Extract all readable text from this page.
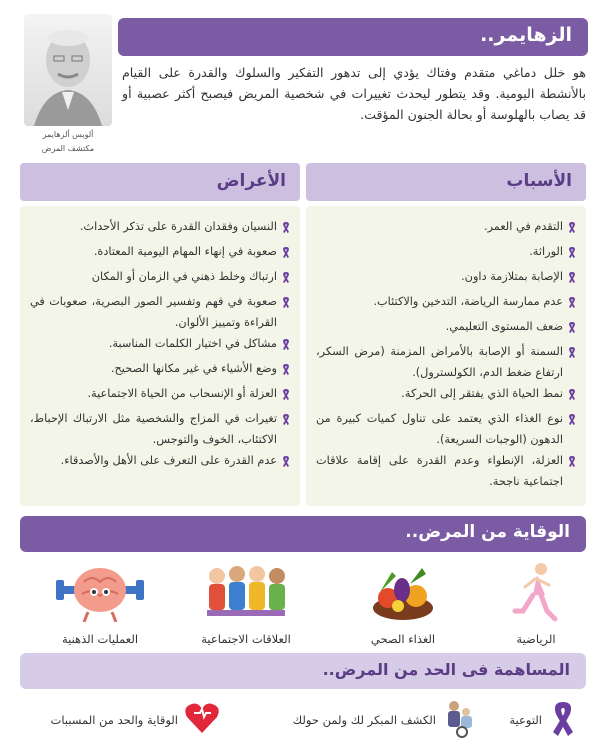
ألويس ألزهايمر
مكتشف المرض
الزهايمر..

هو خلل دماغي متقدم وفتاك يؤدي إلى تدهور التفكير والسلوك والقدرة على القيام بالأنشطة اليومية. وقد يتطور ليحدث تغييرات في شخصية المريض فيصبح أكثر عصبية أو قد يصاب بالهلوسة أو بحالة الجنون المؤقت.

الأسباب
الأعراض
التقدم في العمر.
الوراثة.
الإصابة بمتلازمة داون.
عدم ممارسة الرياضة، التدخين والاكتئاب.
ضعف المستوى التعليمي.
السمنة أو الإصابة بالأمراض المزمنة (مرض السكر، ارتفاع ضغط الدم، الكولسترول).
نمط الحياة الذي يفتقر إلى الحركة.
نوع الغذاء الذي يعتمد على تناول كميات كبيرة من الدهون (الوجبات السريعة).
العزلة، الإنطواء وعدم القدرة على إقامة علاقات اجتماعية ناجحة.
النسيان وفقدان القدرة على تذكر الأحداث.
صعوبة في إنهاء المهام اليومية المعتادة.
ارتباك وخلط ذهني في الزمان أو المكان
صعوبة في فهم وتفسير الصور البصرية، صعوبات في القراءة وتمييز الألوان.
مشاكل في اختيار الكلمات المناسبة.
وضع الأشياء في غير مكانها الصحيح.
العزلة أو الإنسحاب من الحياة الاجتماعية.
تغيرات في المزاج والشخصية مثل الارتباك الإحباط، الاكتئاب، الخوف والتوجس.
عدم القدرة على التعرف على الأهل والأصدقاء.
الوقاية من المرض..
الرياضية
الغذاء الصحي
العلاقات الاجتماعية
العمليات الذهنية
المساهمة فى الحد من المرض..
التوعية
الكشف المبكر لك ولمن حولك
الوقاية والحد من المسببات
